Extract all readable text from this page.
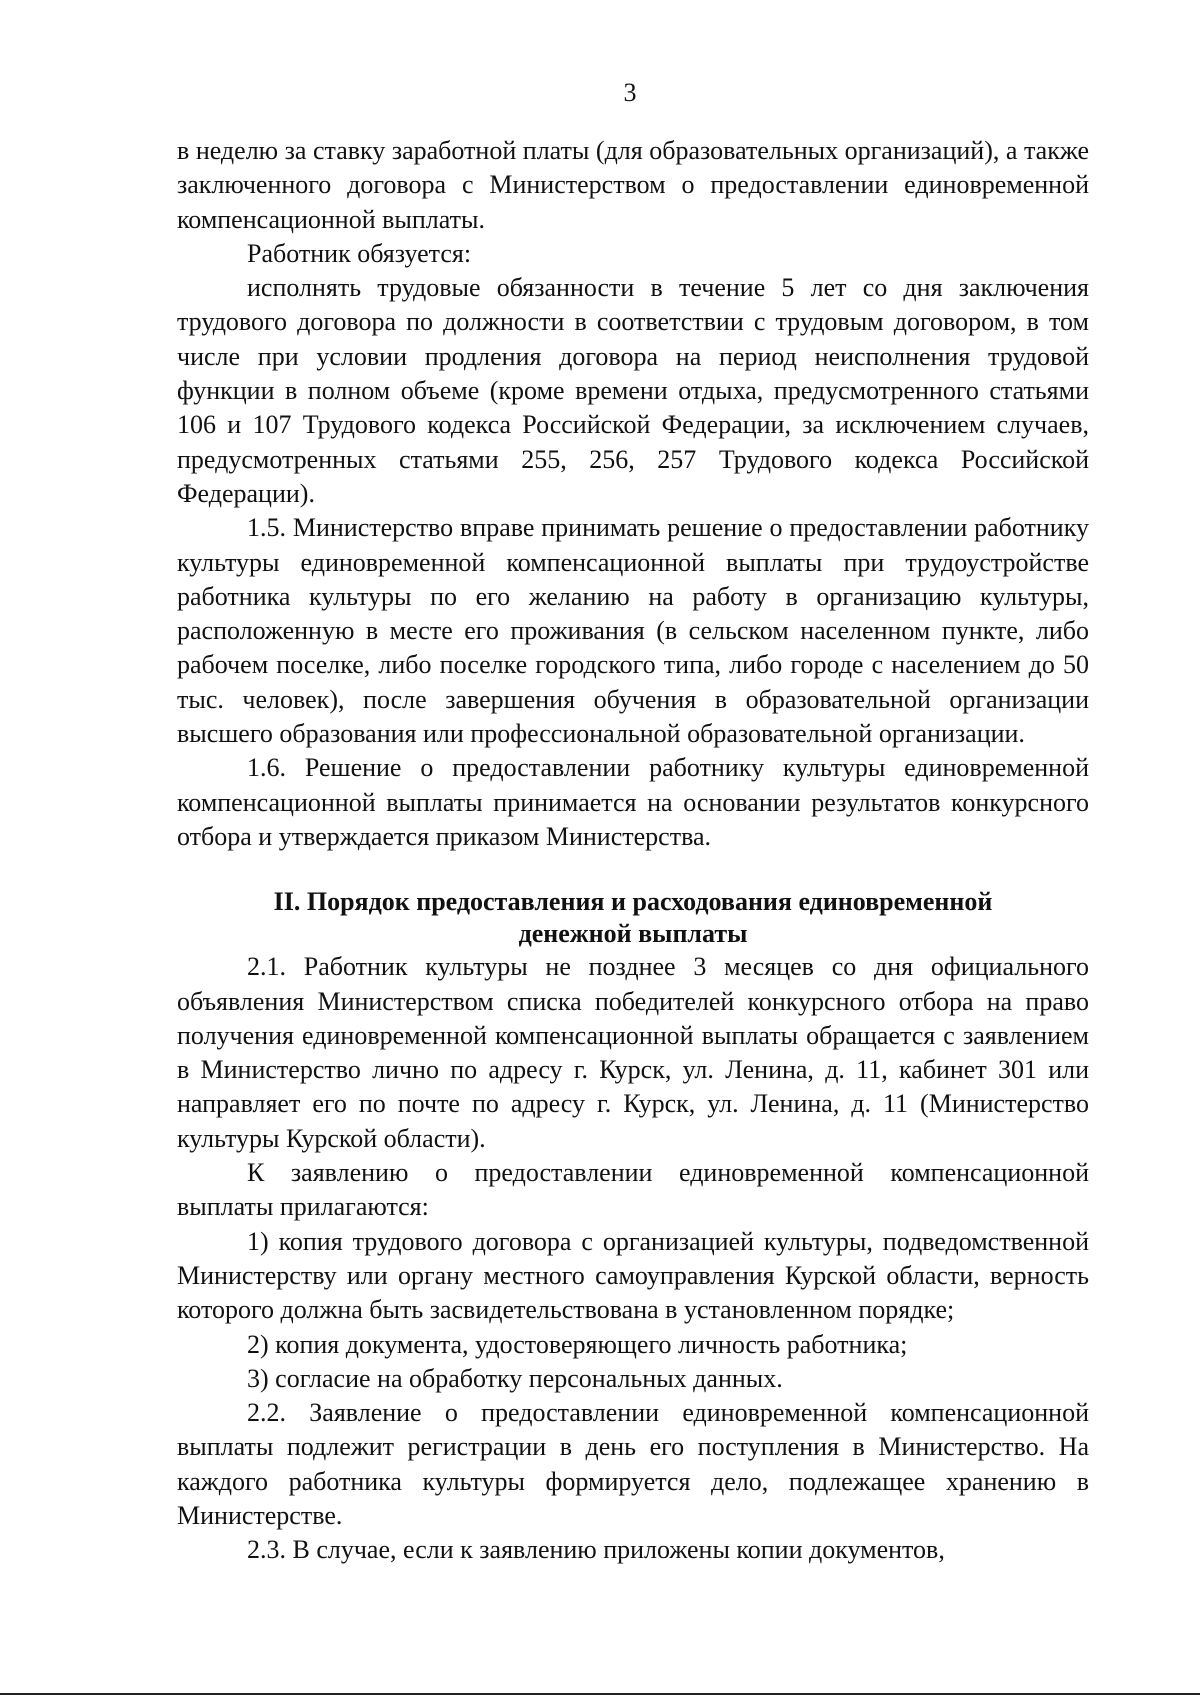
3

в неделю за ставку заработной платы (для образовательных организаций), а также заключенного договора с Министерством о предоставлении единовременной компенсационной выплаты.

Работник обязуется:

исполнять трудовые обязанности в течение 5 лет со дня заключения трудового договора по должности в соответствии с трудовым договором, в том числе при условии продления договора на период неисполнения трудовой функции в полном объеме (кроме времени отдыха, предусмотренного статьями 106 и 107 Трудового кодекса Российской Федерации, за исключением случаев, предусмотренных статьями 255, 256, 257 Трудового кодекса Российской Федерации).

1.5. Министерство вправе принимать решение о предоставлении работнику культуры единовременной компенсационной выплаты при трудоустройстве работника культуры по его желанию на работу в организацию культуры, расположенную в месте его проживания (в сельском населенном пункте, либо рабочем поселке, либо поселке городского типа, либо городе с населением до 50 тыс. человек), после завершения обучения в образовательной организации высшего образования или профессиональной образовательной организации.

1.6. Решение о предоставлении работнику культуры единовременной компенсационной выплаты принимается на основании результатов конкурсного отбора и утверждается приказом Министерства.

II. Порядок предоставления и расходования единовременной
денежной выплаты

2.1. Работник культуры не позднее 3 месяцев со дня официального объявления Министерством списка победителей конкурсного отбора на право получения единовременной компенсационной выплаты обращается с заявлением в Министерство лично по адресу г. Курск, ул. Ленина, д. 11, кабинет 301 или направляет его по почте по адресу г. Курск, ул. Ленина, д. 11 (Министерство культуры Курской области).

К заявлению о предоставлении единовременной компенсационной выплаты прилагаются:

1) копия трудового договора с организацией культуры, подведомственной Министерству или органу местного самоуправления Курской области, верность которого должна быть засвидетельствована в установленном порядке;

2) копия документа, удостоверяющего личность работника;

3) согласие на обработку персональных данных.

2.2. Заявление о предоставлении единовременной компенсационной выплаты подлежит регистрации в день его поступления в Министерство. На каждого работника культуры формируется дело, подлежащее хранению в Министерстве.

2.3. В случае, если к заявлению приложены копии документов,
